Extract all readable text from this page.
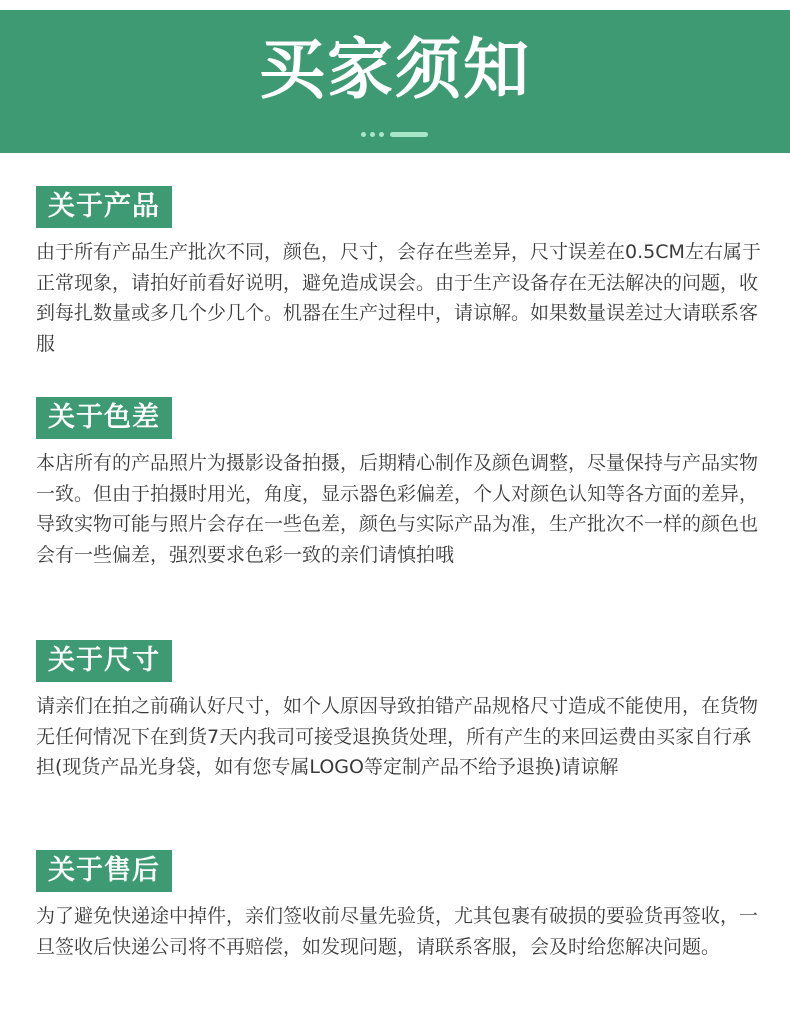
买家须知
关于产品
由于所有产品生产批次不同，颜色，尺寸，会存在些差异，尺寸误差在0.5CM左右属于正常现象，请拍好前看好说明，避免造成误会。由于生产设备存在无法解决的问题，收到每扎数量或多几个少几个。机器在生产过程中，请谅解。如果数量误差过大请联系客服
关于色差
本店所有的产品照片为摄影设备拍摄，后期精心制作及颜色调整，尽量保持与产品实物一致。但由于拍摄时用光，角度，显示器色彩偏差，个人对颜色认知等各方面的差异，导致实物可能与照片会存在一些色差，颜色与实际产品为准，生产批次不一样的颜色也会有一些偏差，强烈要求色彩一致的亲们请慎拍哦
关于尺寸
请亲们在拍之前确认好尺寸，如个人原因导致拍错产品规格尺寸造成不能使用，在货物无任何情况下在到货7天内我司可接受退换货处理，所有产生的来回运费由买家自行承担(现货产品光身袋，如有您专属LOGO等定制产品不给予退换)请谅解
关于售后
为了避免快递途中掉件，亲们签收前尽量先验货，尤其包裹有破损的要验货再签收，一旦签收后快递公司将不再赔偿，如发现问题，请联系客服，会及时给您解决问题。
